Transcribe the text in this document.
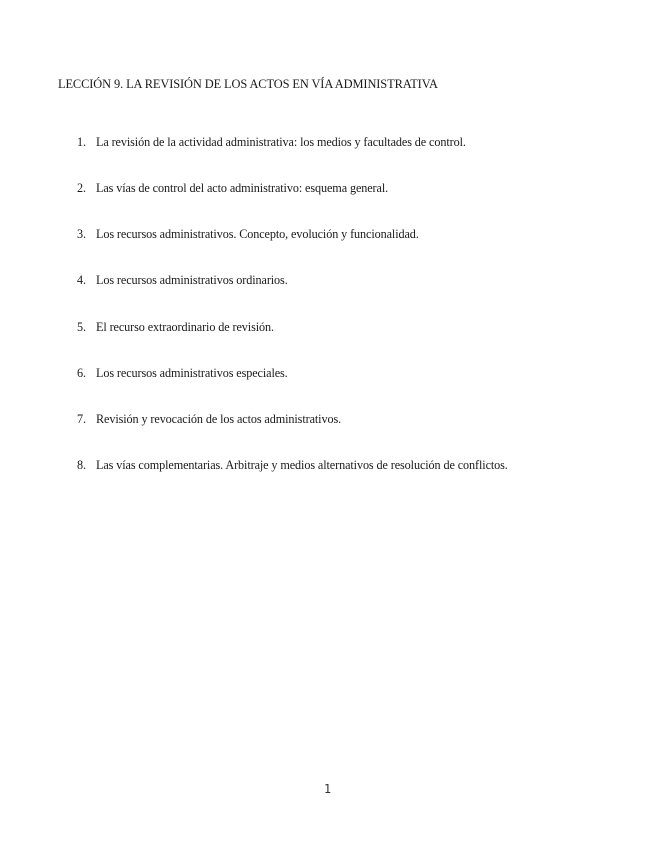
LECCIÓN 9. LA REVISIÓN DE LOS ACTOS EN VÍA ADMINISTRATIVA
1. La revisión de la actividad administrativa: los medios y facultades de control.
2. Las vías de control del acto administrativo: esquema general.
3. Los recursos administrativos. Concepto, evolución y funcionalidad.
4. Los recursos administrativos ordinarios.
5. El recurso extraordinario de revisión.
6. Los recursos administrativos especiales.
7. Revisión y revocación de los actos administrativos.
8. Las vías complementarias. Arbitraje y medios alternativos de resolución de conflictos.
1
